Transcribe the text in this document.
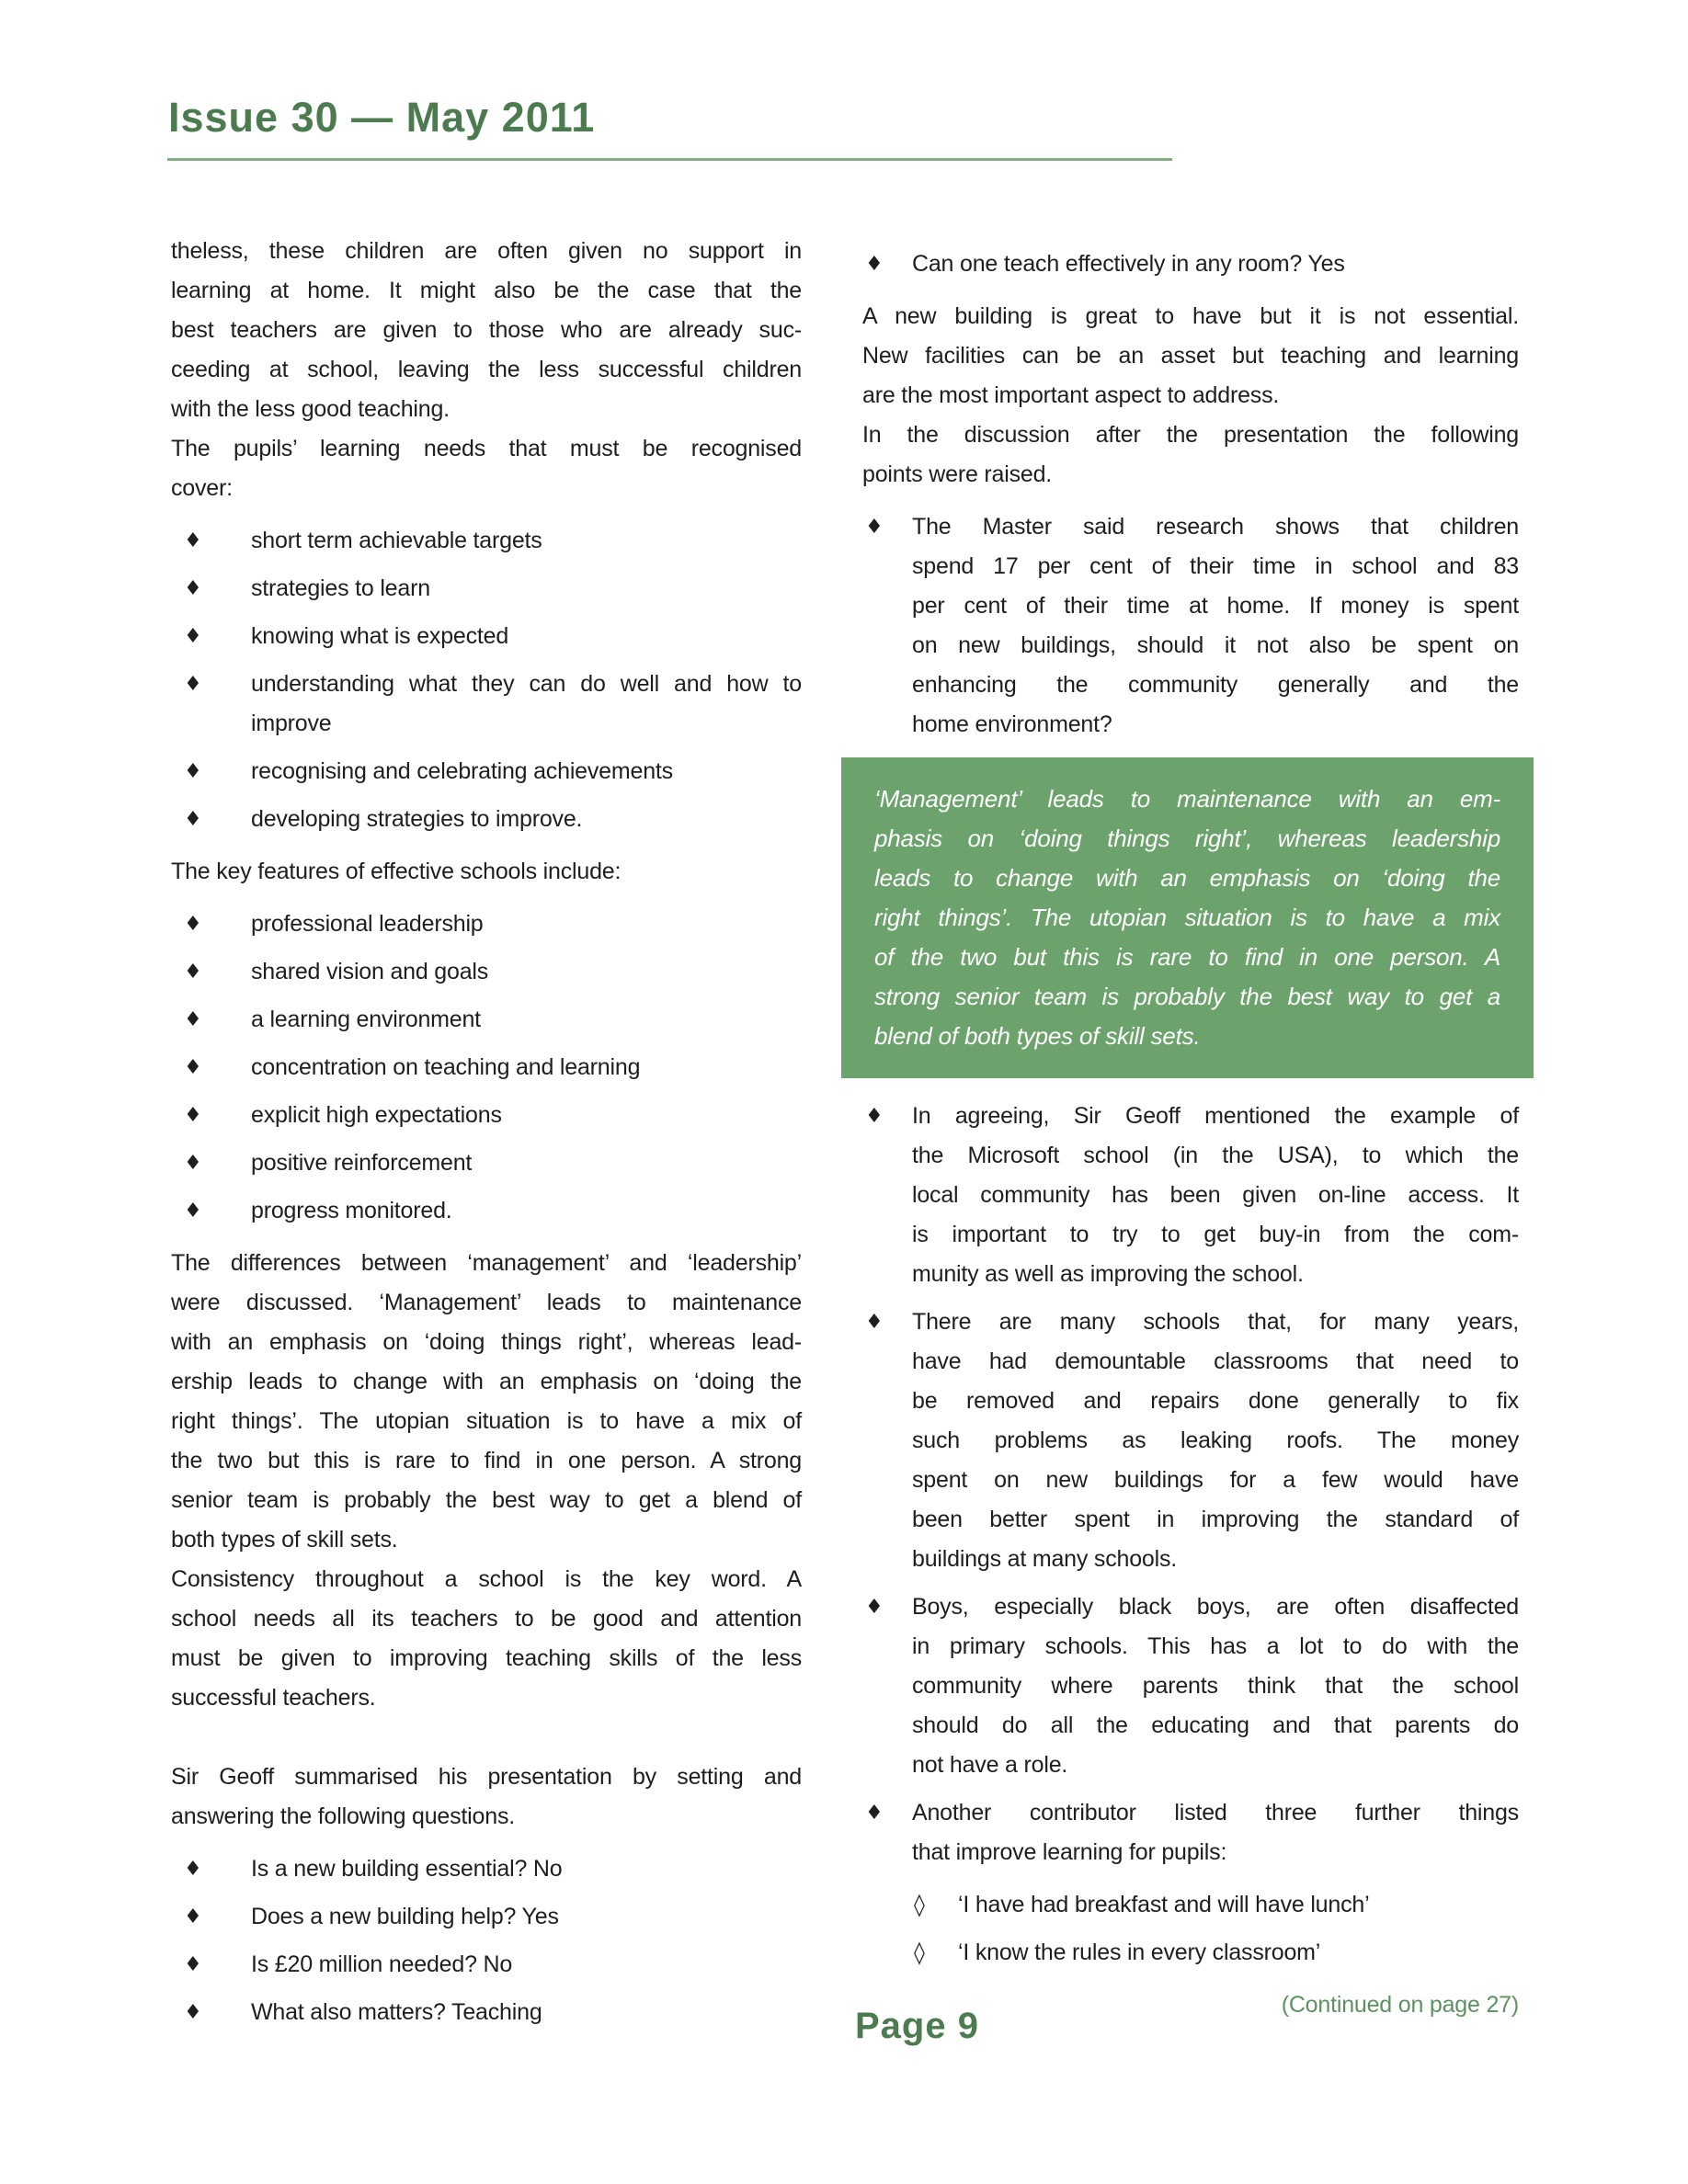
Issue 30 — May 2011
theless, these children are often given no support in
learning at home. It might also be the case that the
best teachers are given to those who are already suc-
ceeding at school, leaving the less successful children
with the less good teaching.
The pupils’ learning needs that must be recognised
cover:
♦ short term achievable targets
♦ strategies to learn
♦ knowing what is expected
♦ understanding what they can do well and how to
improve
♦ recognising and celebrating achievements
♦ developing strategies to improve.
The key features of effective schools include:
♦ professional leadership
♦ shared vision and goals
♦ a learning environment
♦ concentration on teaching and learning
♦ explicit high expectations
♦ positive reinforcement
♦ progress monitored.
The differences between ‘management’ and ‘leadership’
were discussed. ‘Management’ leads to maintenance
with an emphasis on ‘doing things right’, whereas lead-
ership leads to change with an emphasis on ‘doing the
right things’. The utopian situation is to have a mix of
the two but this is rare to find in one person. A strong
senior team is probably the best way to get a blend of
both types of skill sets.
Consistency throughout a school is the key word. A
school needs all its teachers to be good and attention
must be given to improving teaching skills of the less
successful teachers.
Sir Geoff summarised his presentation by setting and
answering the following questions.
♦ Is a new building essential? No
♦ Does a new building help? Yes
♦ Is £20 million needed? No
♦ What also matters? Teaching
♦ Can one teach effectively in any room? Yes
A new building is great to have but it is not essential.
New facilities can be an asset but teaching and learning
are the most important aspect to address.
In the discussion after the presentation the following
points were raised.
♦ The Master said research shows that children
spend 17 per cent of their time in school and 83
per cent of their time at home. If money is spent
on new buildings, should it not also be spent on
enhancing the community generally and the
home environment?
‘Management’ leads to maintenance with an em-
phasis on ‘doing things right’, whereas leadership
leads to change with an emphasis on ‘doing the
right things’. The utopian situation is to have a mix
of the two but this is rare to find in one person. A
strong senior team is probably the best way to get a
blend of both types of skill sets.
♦ In agreeing, Sir Geoff mentioned the example of
the Microsoft school (in the USA), to which the
local community has been given on-line access. It
is important to try to get buy-in from the com-
munity as well as improving the school.
♦ There are many schools that, for many years,
have had demountable classrooms that need to
be removed and repairs done generally to fix
such problems as leaking roofs. The money
spent on new buildings for a few would have
been better spent in improving the standard of
buildings at many schools.
♦ Boys, especially black boys, are often disaffected
in primary schools. This has a lot to do with the
community where parents think that the school
should do all the educating and that parents do
not have a role.
♦ Another contributor listed three further things
that improve learning for pupils:
◊ ‘I have had breakfast and will have lunch’
◊ ‘I know the rules in every classroom’
(Continued on page 27)
Page 9
